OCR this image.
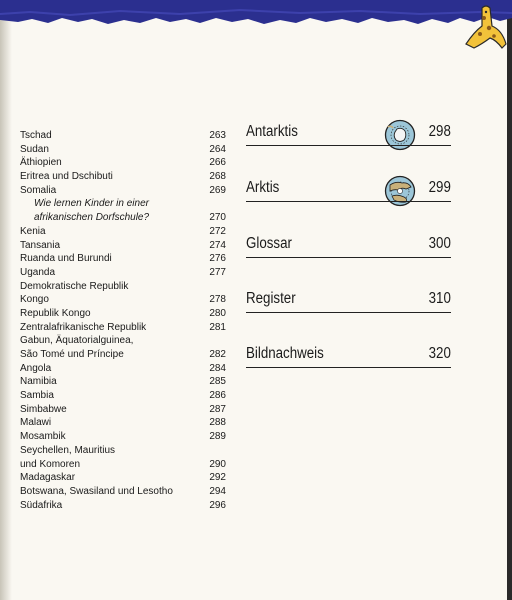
Tschad	263
Sudan	264
Äthiopien	266
Eritrea und Dschibuti	268
Somalia	269
Wie lernen Kinder in einer
afrikanischen Dorfschule?	270
Kenia	272
Tansania	274
Ruanda und Burundi	276
Uganda	277
Demokratische Republik
Kongo	278
Republik Kongo	280
Zentralafrikanische Republik	281
Gabun, Äquatorialguinea,
São Tomé und Príncipe	282
Angola	284
Namibia	285
Sambia	286
Simbabwe	287
Malawi	288
Mosambik	289
Seychellen, Mauritius
und Komoren	290
Madagaskar	292
Botswana, Swasiland und Lesotho	294
Südafrika	296
Antarktis	298
Arktis	299
Glossar	300
Register	310
Bildnachweis	320
